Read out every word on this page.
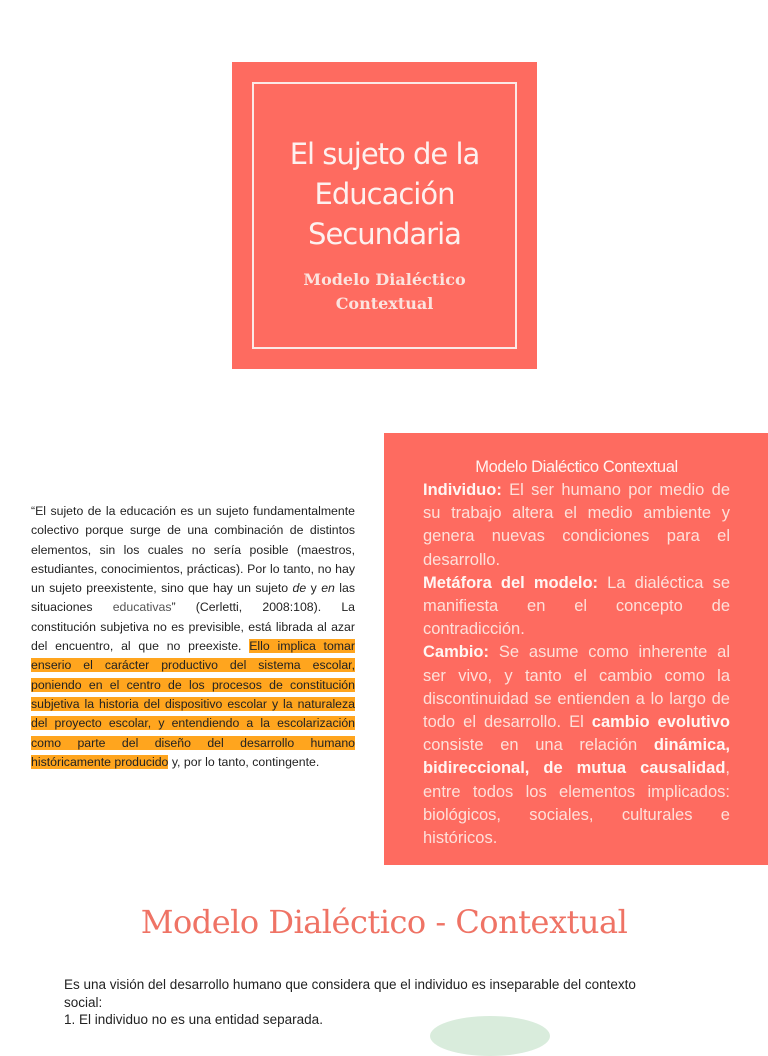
El sujeto de la
Educación
Secundaria
Modelo Dialéctico
Contextual
“El sujeto de la educación es un sujeto fundamentalmente colectivo porque surge de una combinación de distintos elementos, sin los cuales no sería posible (maestros, estudiantes, conocimientos, prácticas). Por lo tanto, no hay un sujeto preexistente, sino que hay un sujeto de y en las situaciones educativas” (Cerletti, 2008:108). La constitución subjetiva no es previsible, está librada al azar del encuentro, al que no preexiste. Ello implica tomar enserio el carácter productivo del sistema escolar, poniendo en el centro de los procesos de constitución subjetiva la historia del dispositivo escolar y la naturaleza del proyecto escolar, y entendiendo a la escolarización como parte del diseño del desarrollo humano históricamente producido y, por lo tanto, contingente.
Modelo Dialéctico Contextual
Individuo: El ser humano por medio de su trabajo altera el medio ambiente y genera nuevas condiciones para el desarrollo.
Metáfora del modelo: La dialéctica se manifiesta en el concepto de contradicción.
Cambio: Se asume como inherente al ser vivo, y tanto el cambio como la discontinuidad se entienden a lo largo de todo el desarrollo. El cambio evolutivo consiste en una relación dinámica, bidireccional, de mutua causalidad, entre todos los elementos implicados: biológicos, sociales, culturales e históricos.
Modelo Dialéctico - Contextual
Es una visión del desarrollo humano que considera que el individuo es inseparable del contexto social:
1. El individuo no es una entidad separada.
